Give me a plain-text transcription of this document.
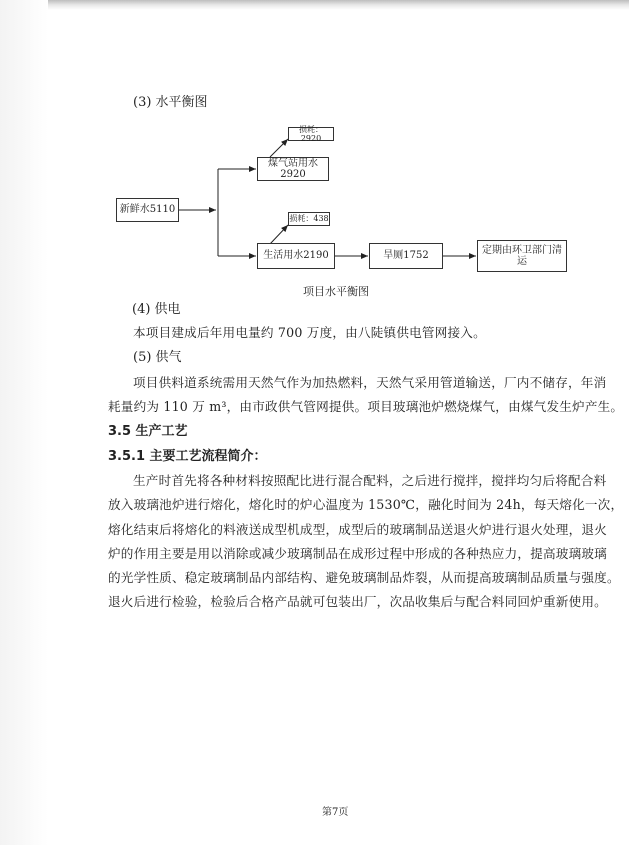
(3) 水平衡图
新鲜水5110
煤气站用水2920
损耗：2920
生活用水2190
损耗：438
旱厕1752
定期由环卫部门清运
项目水平衡图
(4) 供电
本项目建成后年用电量约 700 万度，由八陡镇供电管网接入。
(5) 供气
项目供料道系统需用天然气作为加热燃料，天然气采用管道输送，厂内不储存，年消
耗量约为 110 万 m³，由市政供气管网提供。项目玻璃池炉燃烧煤气，由煤气发生炉产生。
3.5 生产工艺
3.5.1 主要工艺流程简介：
生产时首先将各种材料按照配比进行混合配料，之后进行搅拌，搅拌均匀后将配合料
放入玻璃池炉进行熔化，熔化时的炉心温度为 1530℃，融化时间为 24h，每天熔化一次，
熔化结束后将熔化的料液送成型机成型，成型后的玻璃制品送退火炉进行退火处理，退火
炉的作用主要是用以消除或减少玻璃制品在成形过程中形成的各种热应力，提高玻璃玻璃
的光学性质、稳定玻璃制品内部结构、避免玻璃制品炸裂，从而提高玻璃制品质量与强度。
退火后进行检验，检验后合格产品就可包装出厂，次品收集后与配合料同回炉重新使用。
第7页
